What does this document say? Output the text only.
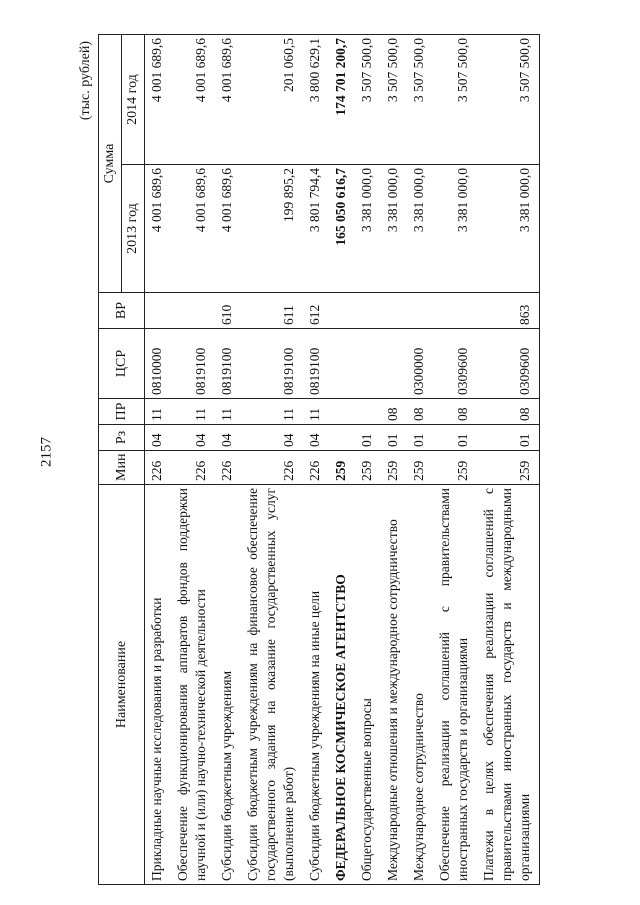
2157
(тыс. рублей)
Наименование	Мин	Рз	ПР	ЦСР	ВР	Сумма	
						2013 год	2014 год
Прикладные научные исследования и разработки	226	04	11	0810000		4 001 689,6	4 001 689,6
Обеспечение функционирования аппаратов фондов поддержки научной и (или) научно-технической деятельности	226	04	11	0819100		4 001 689,6	4 001 689,6
Субсидии бюджетным учреждениям	226	04	11	0819100	610	4 001 689,6	4 001 689,6
Субсидии бюджетным учреждениям на финансовое обеспечение государственного задания на оказание государственных услуг (выполнение работ)	226	04	11	0819100	611	199 895,2	201 060,5
Субсидии бюджетным учреждениям на иные цели	226	04	11	0819100	612	3 801 794,4	3 800 629,1
ФЕДЕРАЛЬНОЕ КОСМИЧЕСКОЕ АГЕНТСТВО	259					165 050 616,7	174 701 200,7
Общегосударственные вопросы	259	01				3 381 000,0	3 507 500,0
Международные отношения и международное сотрудничество	259	01	08			3 381 000,0	3 507 500,0
Международное сотрудничество	259	01	08	0300000		3 381 000,0	3 507 500,0
Обеспечение реализации соглашений с правительствами иностранных государств и организациями	259	01	08	0309600		3 381 000,0	3 507 500,0
Платежи в целях обеспечения реализации соглашений с правительствами иностранных государств и международными организациями	259	01	08	0309600	863	3 381 000,0	3 507 500,0
